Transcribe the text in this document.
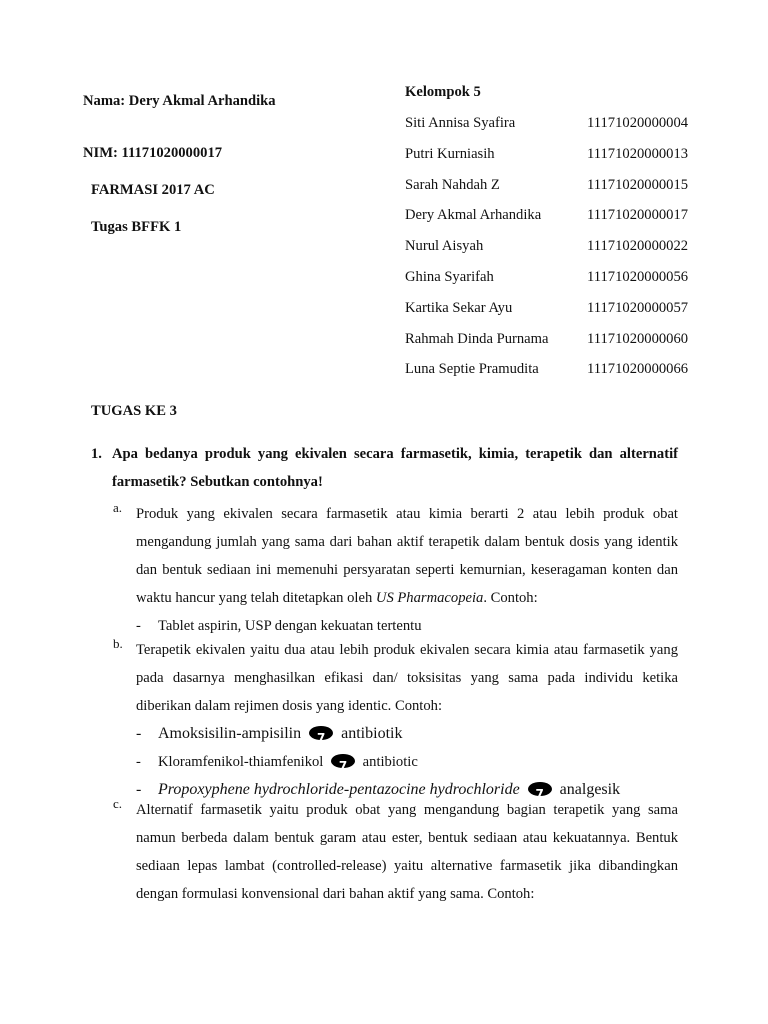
Nama: Dery Akmal Arhandika
NIM: 11171020000017
FARMASI 2017 AC
Tugas BFFK 1
Kelompok 5
Siti Annisa Syafira	11171020000004
Putri Kurniasih	11171020000013
Sarah Nahdah Z	11171020000015
Dery Akmal Arhandika	11171020000017
Nurul Aisyah	11171020000022
Ghina Syarifah	11171020000056
Kartika Sekar Ayu	11171020000057
Rahmah Dinda Purnama	11171020000060
Luna Septie Pramudita	11171020000066
TUGAS KE 3
1. Apa bedanya produk yang ekivalen secara farmasetik, kimia, terapetik dan alternatif farmasetik? Sebutkan contohnya!
a. Produk yang ekivalen secara farmasetik atau kimia berarti 2 atau lebih produk obat mengandung jumlah yang sama dari bahan aktif terapetik dalam bentuk dosis yang identik dan bentuk sediaan ini memenuhi persyaratan seperti kemurnian, keseragaman konten dan waktu hancur yang telah ditetapkan oleh US Pharmacopeia. Contoh:

- Tablet aspirin, USP dengan kekuatan tertentu
b. Terapetik ekivalen yaitu dua atau lebih produk ekivalen secara kimia atau farmasetik yang pada dasarnya menghasilkan efikasi dan/ toksisitas yang sama pada individu ketika diberikan dalam rejimen dosis yang identic. Contoh:

- Amoksisilin-ampisilin 7	antibiotik
- Kloramfenikol-thiamfenikol 7	antibiotic
- Propoxyphene hydrochloride-pentazocine hydrochloride 7	analgesik
c. Alternatif farmasetik yaitu produk obat yang mengandung bagian terapetik yang sama namun berbeda dalam bentuk garam atau ester, bentuk sediaan atau kekuatannya. Bentuk sediaan lepas lambat (controlled-release) yaitu alternative farmasetik jika dibandingkan dengan formulasi konvensional dari bahan aktif yang sama. Contoh:
